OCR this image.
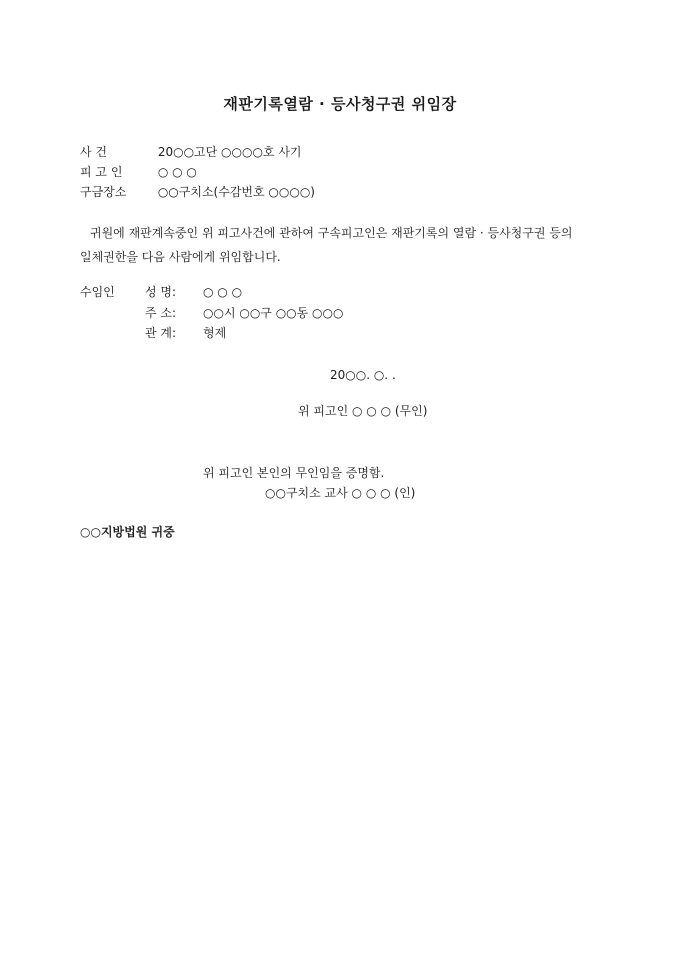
재판기록열람 · 등사청구권 위임장
사 건	20○○고단 ○○○○호 사기
피 고 인	○ ○ ○
구금장소	○○구치소(수감번호 ○○○○)
귀원에 재판계속중인 위 피고사건에 관하여 구속피고인은 재판기록의 열람 · 등사청구권 등의 일체권한을 다음 사람에게 위임합니다.
수임인	성 명: ○ ○ ○
주 소: ○○시 ○○구 ○○동 ○○○
관 계: 형제
20○○. ○. .
위 피고인 ○ ○ ○ (무인)
위 피고인 본인의 무인임을 증명함.
○○구치소 교사 ○ ○ ○ (인)
○○지방법원 귀중
